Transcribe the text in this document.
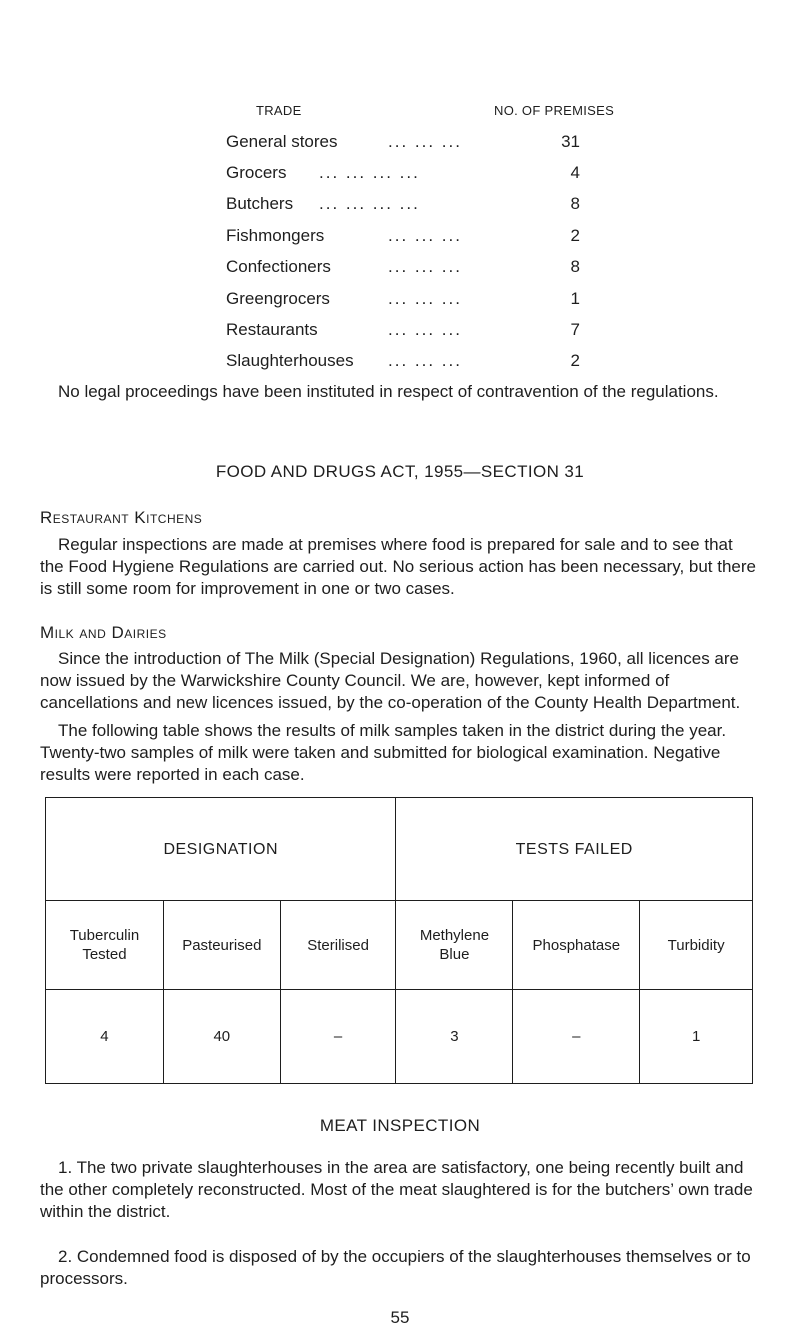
TRADE	NO. OF PREMISES
General stores	... ... ...	31
Grocers ... ... ... ...	4
Butchers ... ... ... ...	8
Fishmongers	... ... ...	2
Confectioners	... ... ...	8
Greengrocers	... ... ...	1
Restaurants	... ... ...	7
Slaughterhouses ... ... ...	2

No legal proceedings have been instituted in respect of contravention of the regulations.

FOOD AND DRUGS ACT, 1955—SECTION 31
Restaurant Kitchens

Regular inspections are made at premises where food is prepared for sale and to see that the Food Hygiene Regulations are carried out. No serious action has been necessary, but there is still some room for improvement in one or two cases.

Milk and Dairies

Since the introduction of The Milk (Special Designation) Regulations, 1960, all licences are now issued by the Warwickshire County Council. We are, however, kept informed of cancellations and new licences issued, by the co-operation of the County Health Department.

The following table shows the results of milk samples taken in the district during the year. Twenty-two samples of milk were taken and submitted for biological examination. Negative results were reported in each case.

DESIGNATION			TESTS FAILED		
Tuberculin Tested	Pasteurised	Sterilised	Methylene Blue	Phosphatase	Turbidity
4	40	–	3	–	1
MEAT INSPECTION

1. The two private slaughterhouses in the area are satisfactory, one being recently built and the other completely reconstructed. Most of the meat slaughtered is for the butchers’ own trade within the district.

2. Condemned food is disposed of by the occupiers of the slaughterhouses themselves or to processors.

55
